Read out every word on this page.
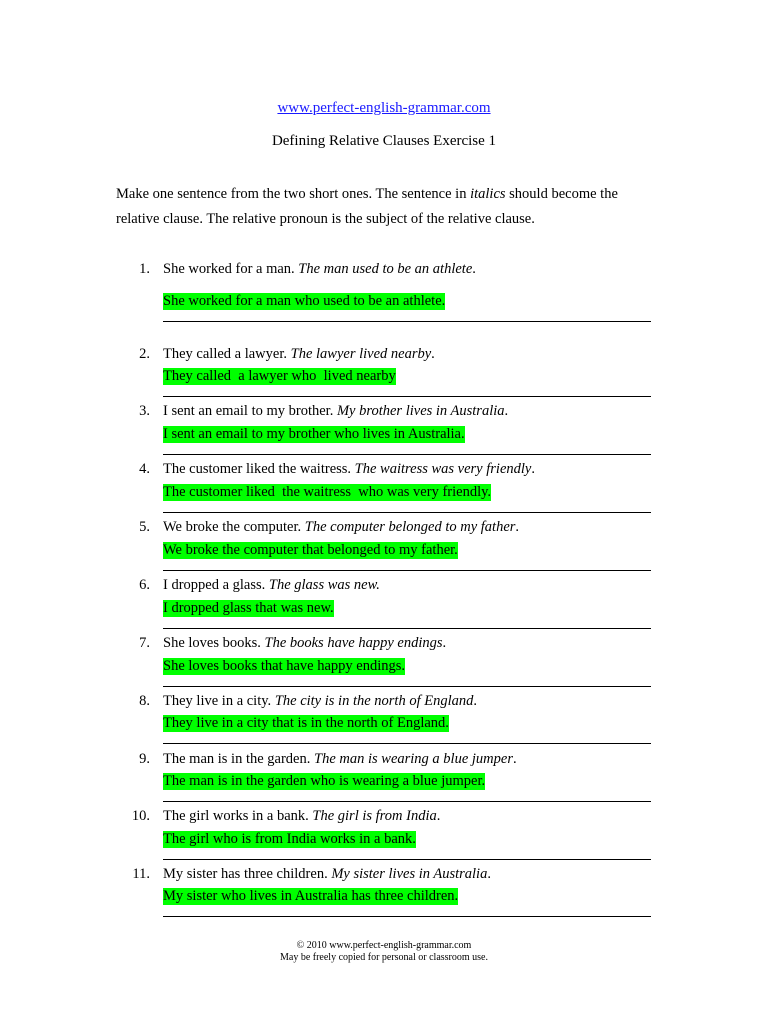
www.perfect-english-grammar.com
Defining Relative Clauses Exercise 1
Make one sentence from the two short ones. The sentence in italics should become the relative clause. The relative pronoun is the subject of the relative clause.
1. She worked for a man. The man used to be an athlete.
She worked for a man who used to be an athlete.
2. They called a lawyer. The lawyer lived nearby.
They called  a lawyer who  lived nearby
3. I sent an email to my brother. My brother lives in Australia.
I sent an email to my brother who lives in Australia.
4. The customer liked the waitress. The waitress was very friendly.
The customer liked  the waitress  who was very friendly.
5. We broke the computer. The computer belonged to my father.
We broke the computer that belonged to my father.
6. I dropped a glass. The glass was new.
I dropped glass that was new.
7. She loves books. The books have happy endings.
She loves books that have happy endings.
8. They live in a city. The city is in the north of England.
They live in a city that is in the north of England.
9. The man is in the garden. The man is wearing a blue jumper.
The man is in the garden who is wearing a blue jumper.
10. The girl works in a bank. The girl is from India.
The girl who is from India works in a bank.
11. My sister has three children. My sister lives in Australia.
My sister who lives in Australia has three children.
© 2010 www.perfect-english-grammar.com
May be freely copied for personal or classroom use.
